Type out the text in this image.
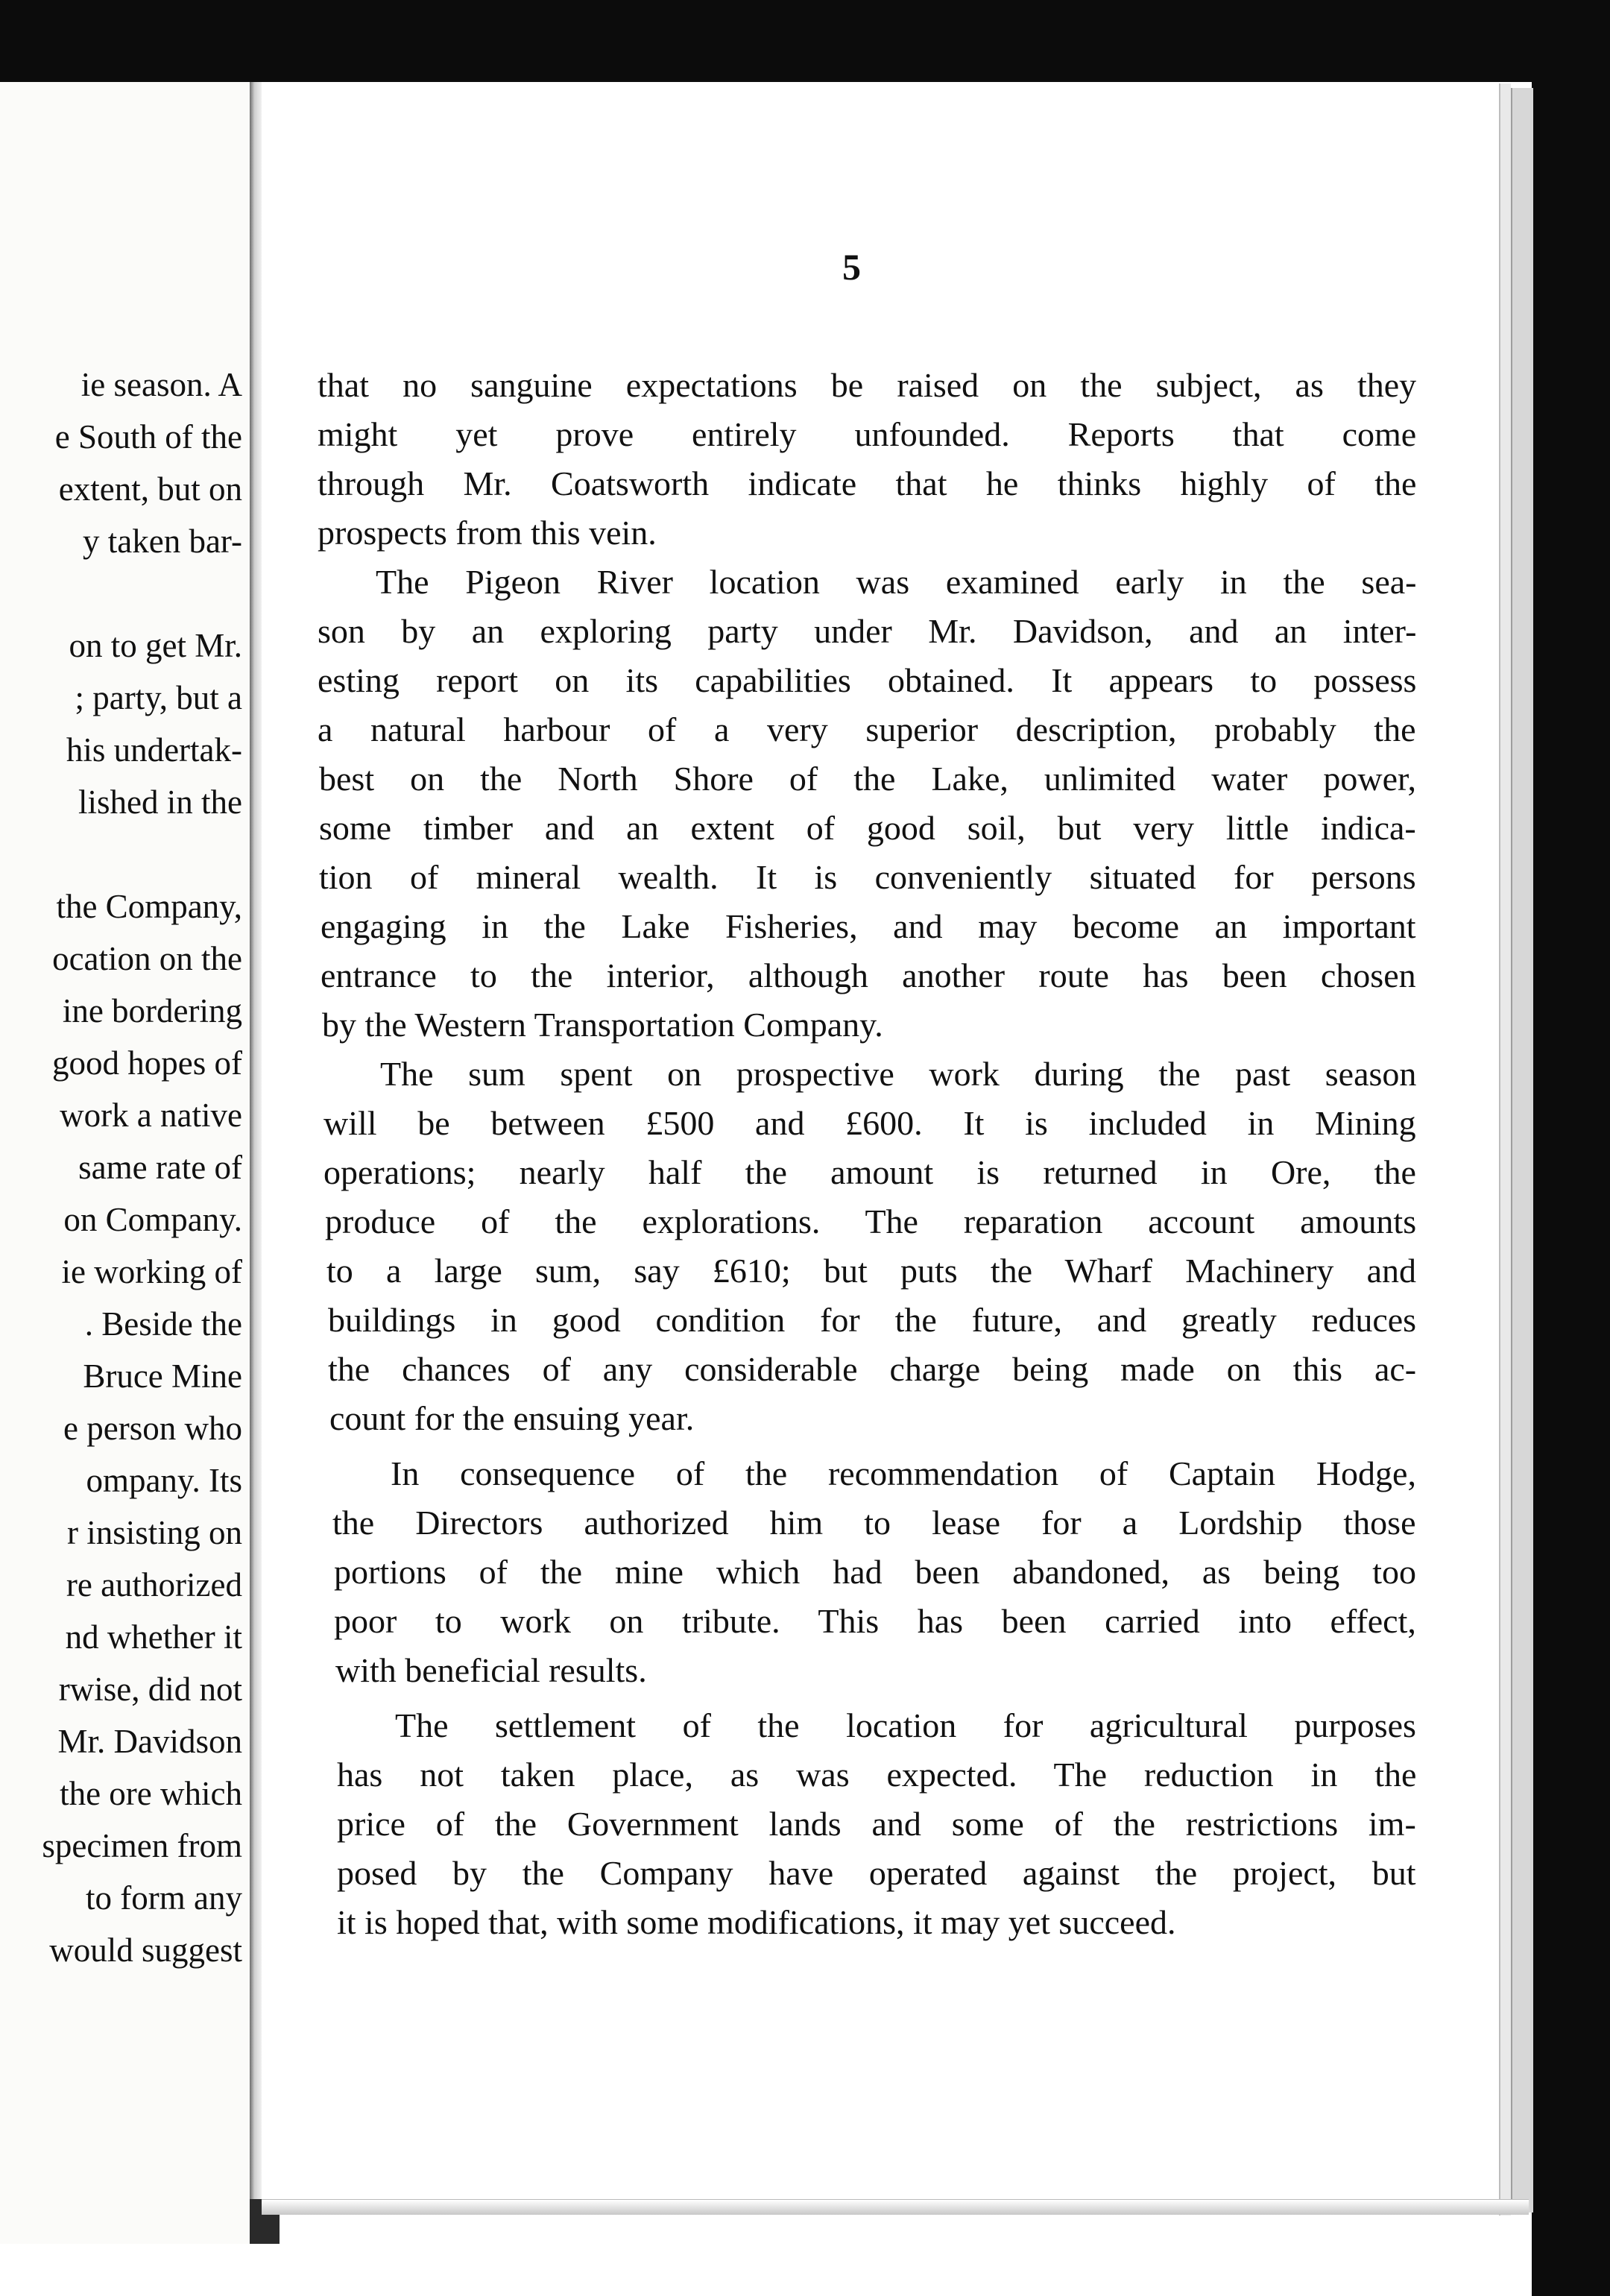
ie season. A
e South of the
extent, but on
y taken bar-
on to get Mr.
; party, but a
his undertak-
lished in the
the Company,
ocation on the
ine bordering
good hopes of
work a native
same rate of
on Company.
ie working of
. Beside the
Bruce Mine
e person who
ompany. Its
r insisting on
re authorized
nd whether it
rwise, did not
Mr. Davidson
the ore which
specimen from
to form any
would suggest
5
that no sanguine expectations be raised on the subject, as they
might yet prove entirely unfounded. Reports that come
through Mr. Coatsworth indicate that he thinks highly of the
prospects from this vein.
The Pigeon River location was examined early in the sea-
son by an exploring party under Mr. Davidson, and an inter-
esting report on its capabilities obtained. It appears to possess
a natural harbour of a very superior description, probably the
best on the North Shore of the Lake, unlimited water power,
some timber and an extent of good soil, but very little indica-
tion of mineral wealth. It is conveniently situated for persons
engaging in the Lake Fisheries, and may become an important
entrance to the interior, although another route has been chosen
by the Western Transportation Company.
The sum spent on prospective work during the past season
will be between £500 and £600. It is included in Mining
operations; nearly half the amount is returned in Ore, the
produce of the explorations. The reparation account amounts
to a large sum, say £610; but puts the Wharf Machinery and
buildings in good condition for the future, and greatly reduces
the chances of any considerable charge being made on this ac-
count for the ensuing year.
In consequence of the recommendation of Captain Hodge,
the Directors authorized him to lease for a Lordship those
portions of the mine which had been abandoned, as being too
poor to work on tribute. This has been carried into effect,
with beneficial results.
The settlement of the location for agricultural purposes
has not taken place, as was expected. The reduction in the
price of the Government lands and some of the restrictions im-
posed by the Company have operated against the project, but
it is hoped that, with some modifications, it may yet succeed.
